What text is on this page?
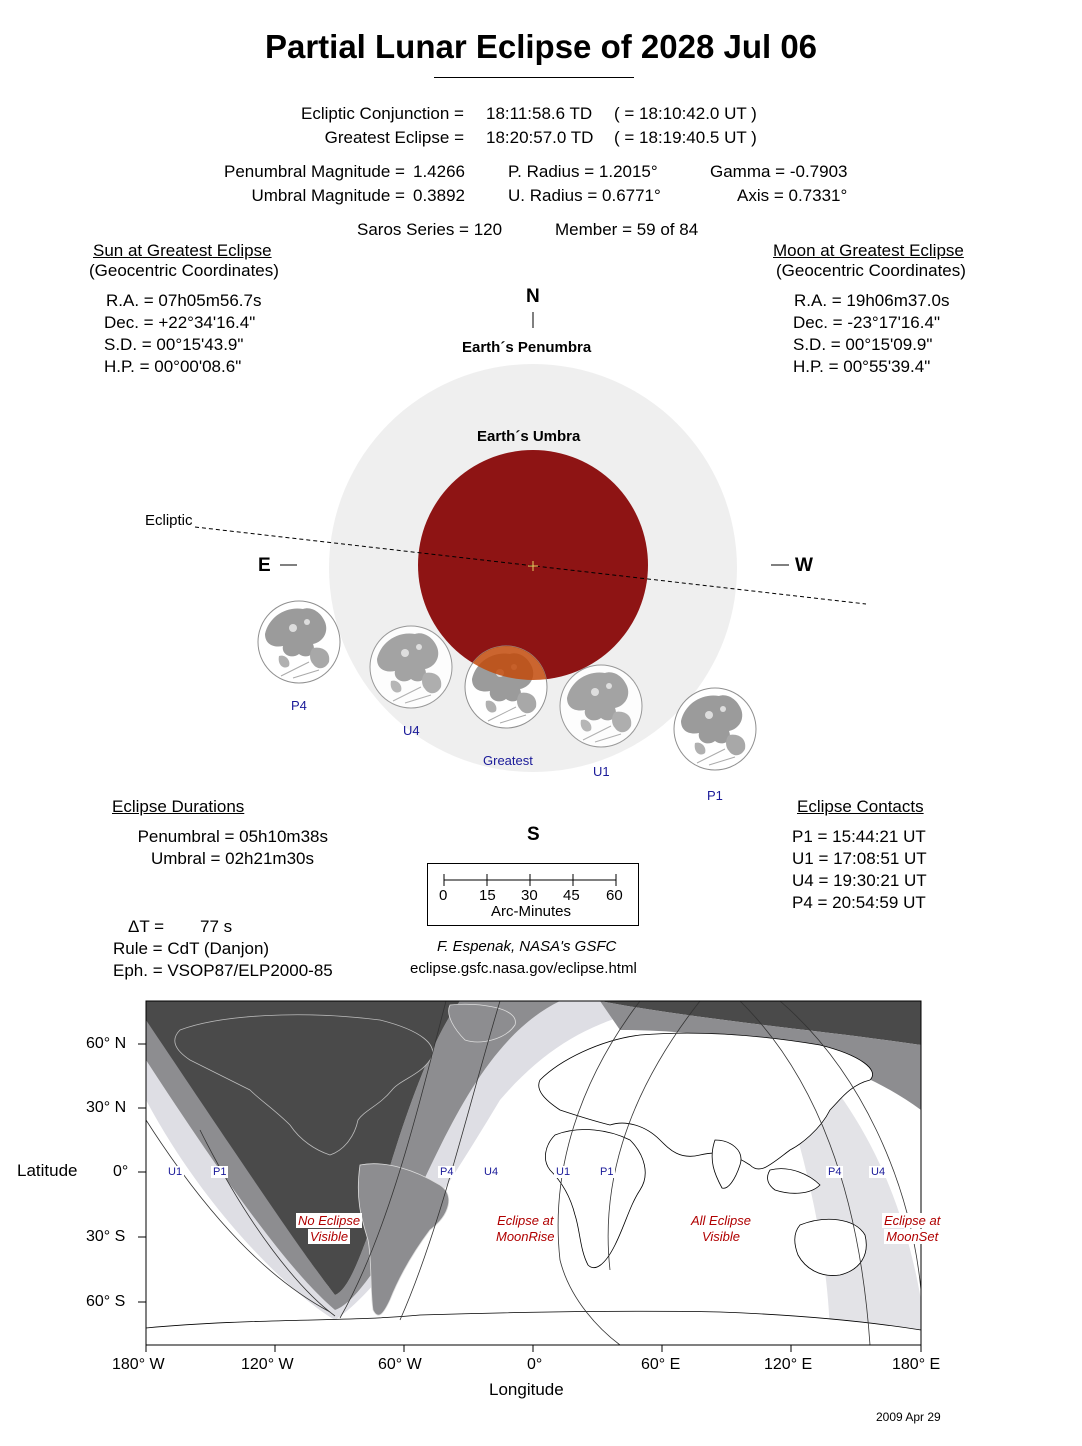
Partial Lunar Eclipse of 2028 Jul 06
Ecliptic Conjunction = 18:11:58.6 TD ( = 18:10:42.0 UT )
Greatest Eclipse = 18:20:57.0 TD ( = 18:19:40.5 UT )
Penumbral Magnitude = 1.4266
Umbral Magnitude = 0.3892
P. Radius = 1.2015°
U. Radius = 0.6771°
Gamma = -0.7903
Axis = 0.7331°
Saros Series = 120	Member = 59 of 84
Sun at Greatest Eclipse
(Geocentric Coordinates)
R.A. = 07h05m56.7s
Dec. = +22°34'16.4"
S.D. = 00°15'43.9"
H.P. = 00°00'08.6"
Moon at Greatest Eclipse
(Geocentric Coordinates)
R.A. = 19h06m37.0s
Dec. = -23°17'16.4"
S.D. = 00°15'09.9"
H.P. = 00°55'39.4"
N
S
E	W
Earth´s Penumbra
Earth´s Umbra
Ecliptic
P4
U4
Greatest
U1
P1
Eclipse Durations
Penumbral = 05h10m38s
Umbral = 02h21m30s
Eclipse Contacts
P1 = 15:44:21 UT
U1 = 17:08:51 UT
U4 = 19:30:21 UT
P4 = 20:54:59 UT
0 15 30 45 60
Arc-Minutes
ΔT = 77 s
Rule = CdT (Danjon)
Eph. = VSOP87/ELP2000-85
F. Espenak, NASA's GSFC
eclipse.gsfc.nasa.gov/eclipse.html
Latitude
Longitude
60° N
30° N
0°
30° S
60° S
180° W	120° W	60° W	0°	60° E	120° E	180° E
No Eclipse
Visible
Eclipse at
MoonRise
All Eclipse
Visible
Eclipse at
MoonSet
U1	P1	P4	U4	U1	P1	P4	U4
2009 Apr 29
